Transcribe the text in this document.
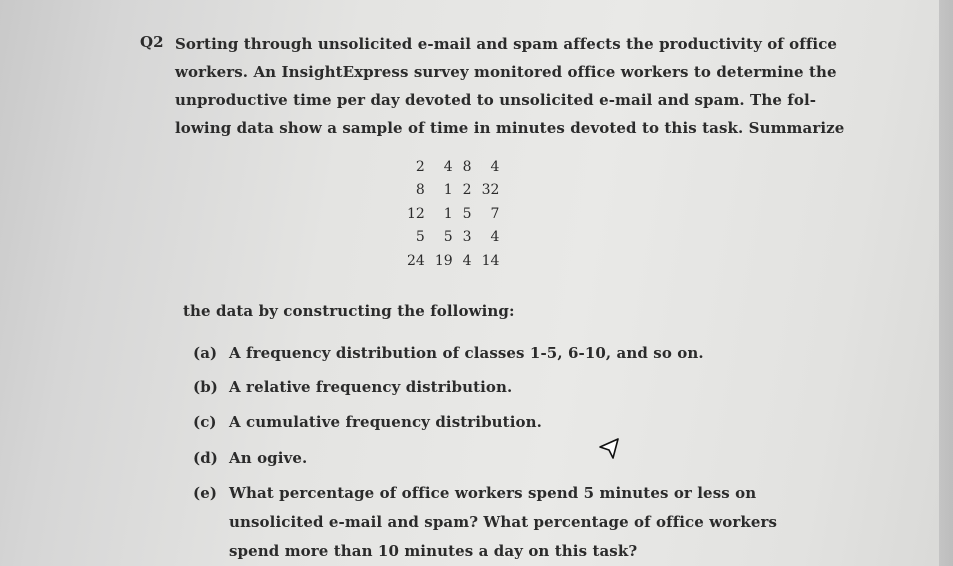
Q2 Sorting through unsolicited e-mail and spam affects the productivity of office
workers. An InsightExpress survey monitored office workers to determine the
unproductive time per day devoted to unsolicited e-mail and spam. The fol-
lowing data show a sample of time in minutes devoted to this task. Summarize
2	4	8	4
8	1	2	32
12	1	5	7
5	5	3	4
24	19	4	14
the data by constructing the following:
(a) A frequency distribution of classes 1-5, 6-10, and so on.
(b) A relative frequency distribution.
(c) A cumulative frequency distribution.
(d) An ogive.
(e) What percentage of office workers spend 5 minutes or less on unsolicited e-mail and spam? What percentage of office workers spend more than 10 minutes a day on this task?
